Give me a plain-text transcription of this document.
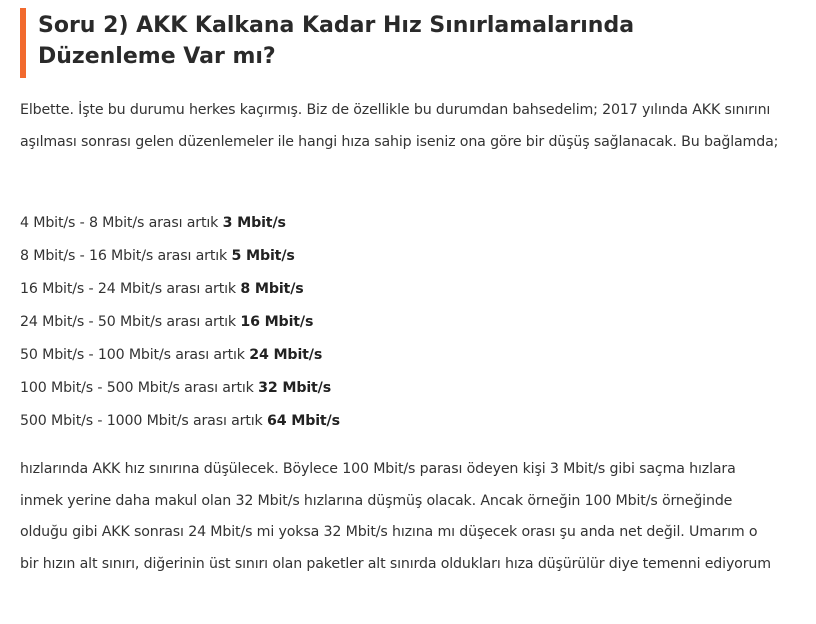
Soru 2) AKK Kalkana Kadar Hız Sınırlamalarında Düzenleme Var mı?

Elbette. İşte bu durumu herkes kaçırmış. Biz de özellikle bu durumdan bahsedelim; 2017 yılında AKK sınırını aşılması sonrası gelen düzenlemeler ile hangi hıza sahip iseniz ona göre bir düşüş sağlanacak. Bu bağlamda;

4 Mbit/s - 8 Mbit/s arası artık 3 Mbit/s
8 Mbit/s - 16 Mbit/s arası artık 5 Mbit/s
16 Mbit/s - 24 Mbit/s arası artık 8 Mbit/s
24 Mbit/s - 50 Mbit/s arası artık 16 Mbit/s
50 Mbit/s - 100 Mbit/s arası artık 24 Mbit/s
100 Mbit/s - 500 Mbit/s arası artık 32 Mbit/s
500 Mbit/s - 1000 Mbit/s arası artık 64 Mbit/s

hızlarında AKK hız sınırına düşülecek. Böylece 100 Mbit/s parası ödeyen kişi 3 Mbit/s gibi saçma hızlara inmek yerine daha makul olan 32 Mbit/s hızlarına düşmüş olacak. Ancak örneğin 100 Mbit/s örneğinde olduğu gibi AKK sonrası 24 Mbit/s mi yoksa 32 Mbit/s hızına mı düşecek orası şu anda net değil. Umarım o bir hızın alt sınırı, diğerinin üst sınırı olan paketler alt sınırda oldukları hıza düşürülür diye temenni ediyorum
